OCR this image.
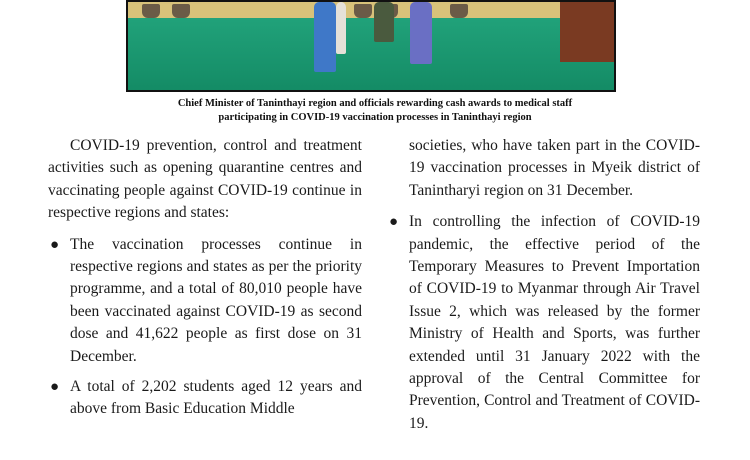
Chief Minister of Taninthayi region and officials rewarding cash awards to medical staff
participating in COVID-19 vaccination processes in Taninthayi region

COVID-19 prevention, control and treatment activities such as opening quarantine centres and vaccinating people against COVID-19 continue in respective regions and states:

● The vaccination processes continue in respective regions and states as per the priority programme, and a total of 80,010 people have been vaccinated against COVID-19 as second dose and 41,622 people as first dose on 31 December.
● A total of 2,202 students aged 12 years and above from Basic Education Middle

societies, who have taken part in the COVID-19 vaccination processes in Myeik district of Tanintharyi region on 31 December.

● In controlling the infection of COVID-19 pandemic, the effective period of the Temporary Measures to Prevent Importation of COVID-19 to Myanmar through Air Travel Issue 2, which was released by the former Ministry of Health and Sports, was further extended until 31 January 2022 with the approval of the Central Committee for Prevention, Control and Treatment of COVID-19.
